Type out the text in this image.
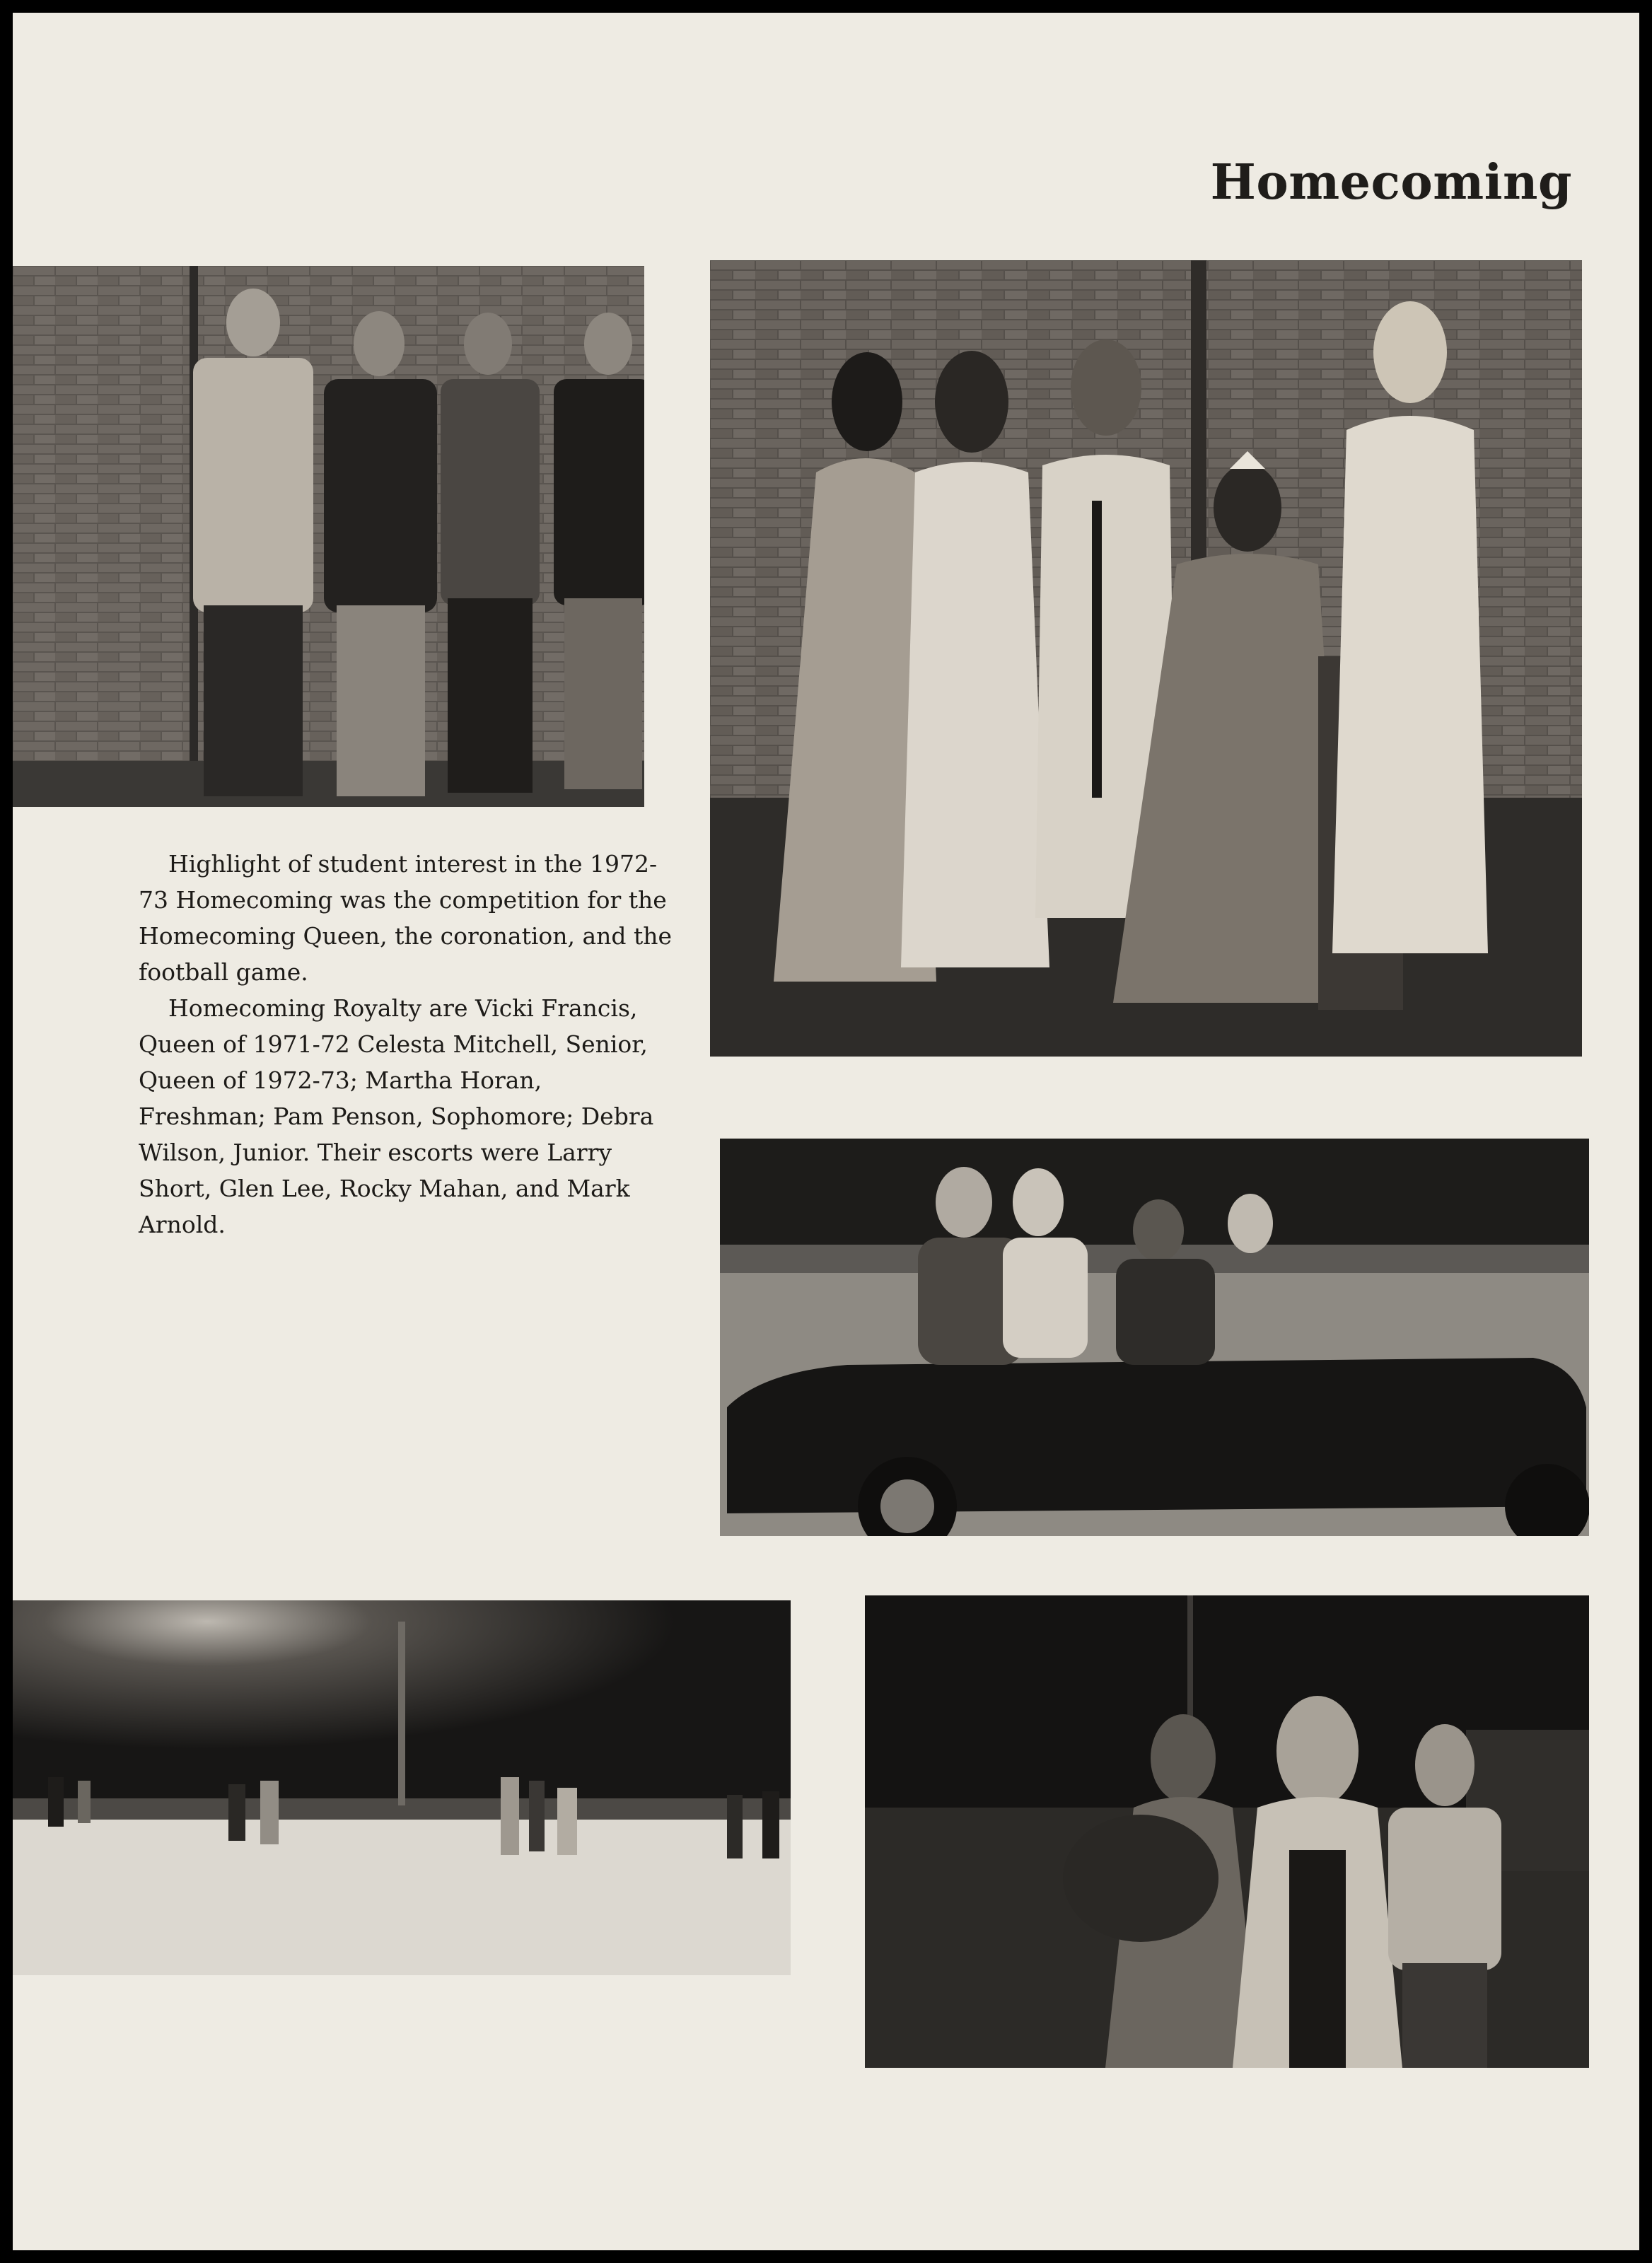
Homecoming

Highlight of student interest in the 1972-73 Homecoming was the competition for the Homecoming Queen, the coronation, and the football game.

Homecoming Royalty are Vicki Francis, Queen of 1971-72 Celesta Mitchell, Senior, Queen of 1972-73; Martha Horan, Freshman; Pam Penson, Sophomore; Debra Wilson, Junior. Their escorts were Larry Short, Glen Lee, Rocky Mahan, and Mark Arnold.
